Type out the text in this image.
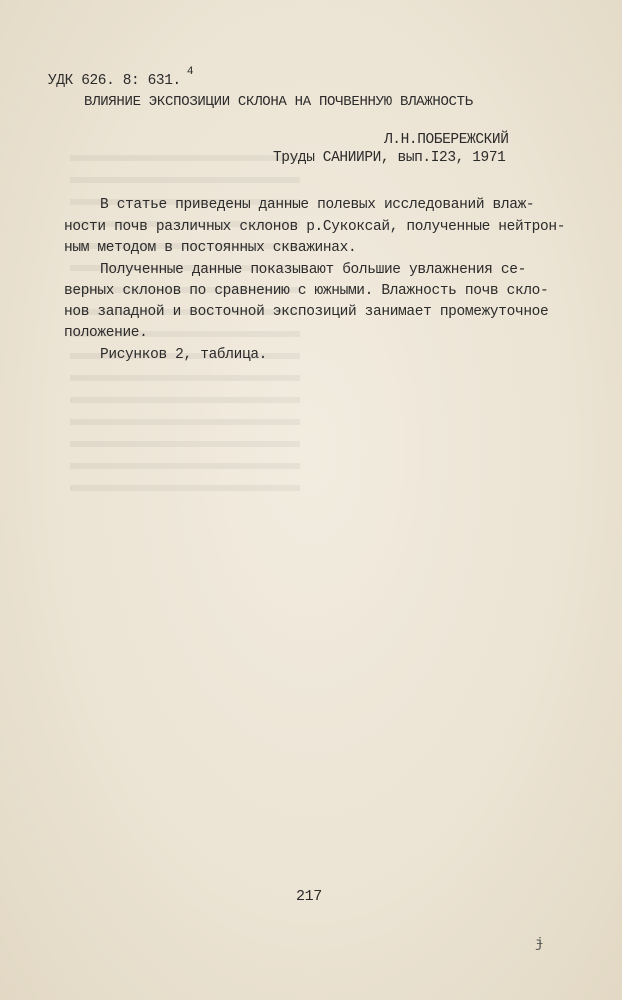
УДК 626. 8: 631.$^4$
ВЛИЯНИЕ ЭКСПОЗИЦИИ СКЛОНА НА ПОЧВЕННУЮ ВЛАЖНОСТЬ
Л.Н.ПОБЕРЕЖСКИЙ
Труды САНИИРИ, вып.I23, 1971
В статье приведены данные полевых исследований влаж-
ности почв различных склонов р.Сукоксай, полученные нейтрон-
ным методом в постоянных скважинах.
Полученные данные показывают большие увлажнения се-
верных склонов по сравнению с южными. Влажность почв скло-
нов западной и восточной экспозиций занимает промежуточное
положение.
Рисунков 2, таблица.
217
ɉ
